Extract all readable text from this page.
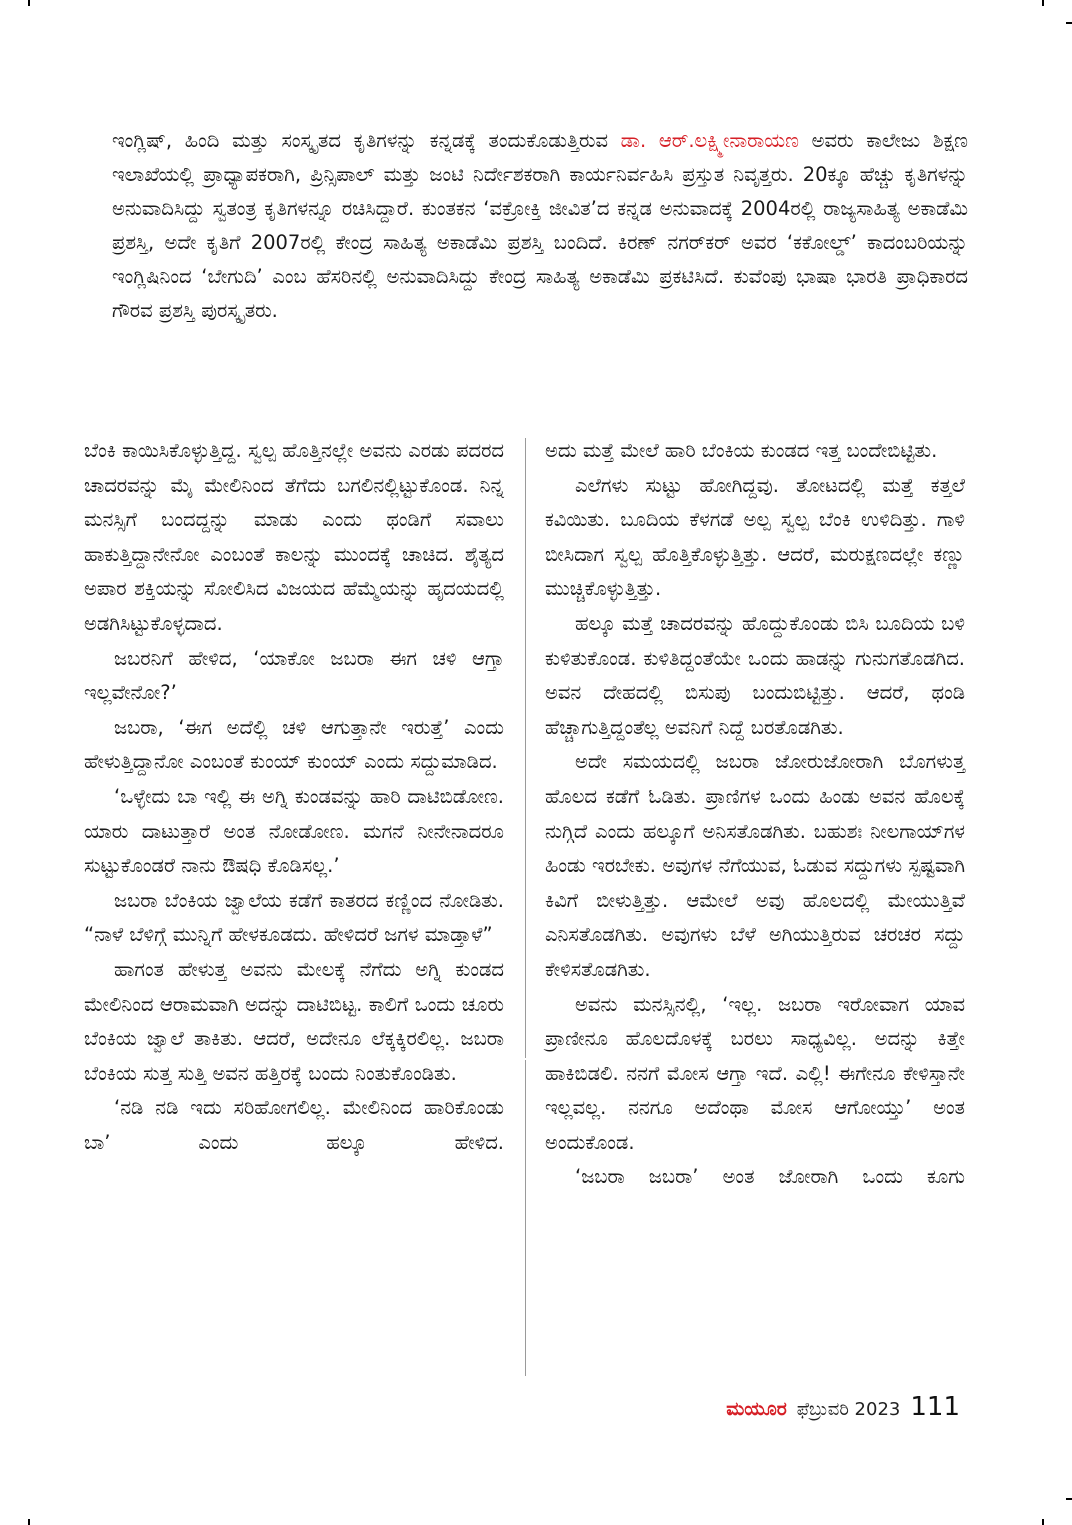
ಇಂಗ್ಲಿಷ್, ಹಿಂದಿ ಮತ್ತು ಸಂಸ್ಕೃತದ ಕೃತಿಗಳನ್ನು ಕನ್ನಡಕ್ಕೆ ತಂದುಕೊಡುತ್ತಿರುವ ಡಾ. ಆರ್.ಲಕ್ಷ್ಮೀನಾರಾಯಣ ಅವರು ಕಾಲೇಜು ಶಿಕ್ಷಣ ಇಲಾಖೆಯಲ್ಲಿ ಪ್ರಾಧ್ಯಾಪಕರಾಗಿ, ಪ್ರಿನ್ಸಿಪಾಲ್ ಮತ್ತು ಜಂಟಿ ನಿರ್ದೇಶಕರಾಗಿ ಕಾರ್ಯನಿರ್ವಹಿಸಿ ಪ್ರಸ್ತುತ ನಿವೃತ್ತರು. 20ಕ್ಕೂ ಹೆಚ್ಚು ಕೃತಿಗಳನ್ನು ಅನುವಾದಿಸಿದ್ದು ಸ್ವತಂತ್ರ ಕೃತಿಗಳನ್ನೂ ರಚಿಸಿದ್ದಾರೆ. ಕುಂತಕನ ‘ವಕ್ರೋಕ್ತಿ ಜೀವಿತ’ದ ಕನ್ನಡ ಅನುವಾದಕ್ಕೆ 2004ರಲ್ಲಿ ರಾಜ್ಯಸಾಹಿತ್ಯ ಅಕಾಡೆಮಿ ಪ್ರಶಸ್ತಿ, ಅದೇ ಕೃತಿಗೆ 2007ರಲ್ಲಿ ಕೇಂದ್ರ ಸಾಹಿತ್ಯ ಅಕಾಡೆಮಿ ಪ್ರಶಸ್ತಿ ಬಂದಿದೆ. ಕಿರಣ್ ನಗರ್‌ಕರ್ ಅವರ ‘ಕಕೋಲ್ಡ್’ ಕಾದಂಬರಿಯನ್ನು ಇಂಗ್ಲಿಷಿನಿಂದ ‘ಬೇಗುದಿ’ ಎಂಬ ಹೆಸರಿನಲ್ಲಿ ಅನುವಾದಿಸಿದ್ದು ಕೇಂದ್ರ ಸಾಹಿತ್ಯ ಅಕಾಡೆಮಿ ಪ್ರಕಟಿಸಿದೆ. ಕುವೆಂಪು ಭಾಷಾ ಭಾರತಿ ಪ್ರಾಧಿಕಾರದ ಗೌರವ ಪ್ರಶಸ್ತಿ ಪುರಸ್ಕೃತರು.

ಬೆಂಕಿ ಕಾಯಿಸಿಕೊಳ್ಳುತ್ತಿದ್ದ. ಸ್ವಲ್ಪ ಹೊತ್ತಿನಲ್ಲೇ ಅವನು ಎರಡು ಪದರದ ಚಾದರವನ್ನು ಮೈ ಮೇಲಿನಿಂದ ತೆಗೆದು ಬಗಲಿನಲ್ಲಿಟ್ಟುಕೊಂಡ. ನಿನ್ನ ಮನಸ್ಸಿಗೆ ಬಂದದ್ದನ್ನು ಮಾಡು ಎಂದು ಥಂಡಿಗೆ ಸವಾಲು ಹಾಕುತ್ತಿದ್ದಾನೇನೋ ಎಂಬಂತೆ ಕಾಲನ್ನು ಮುಂದಕ್ಕೆ ಚಾಚಿದ. ಶೈತ್ಯದ ಅಪಾರ ಶಕ್ತಿಯನ್ನು ಸೋಲಿಸಿದ ವಿಜಯದ ಹೆಮ್ಮೆಯನ್ನು ಹೃದಯದಲ್ಲಿ ಅಡಗಿಸಿಟ್ಟುಕೊಳ್ಳದಾದ.

ಜಬರನಿಗೆ ಹೇಳಿದ, ‘ಯಾಕೋ ಜಬರಾ ಈಗ ಚಳಿ ಆಗ್ತಾ ಇಲ್ಲವೇನೋ?’

ಜಬರಾ, ‘ಈಗ ಅದೆಲ್ಲಿ ಚಳಿ ಆಗುತ್ತಾನೇ ಇರುತ್ತೆ’ ಎಂದು ಹೇಳುತ್ತಿದ್ದಾನೋ ಎಂಬಂತೆ ಕುಂಯ್ ಕುಂಯ್ ಎಂದು ಸದ್ದುಮಾಡಿದ.

‘ಒಳ್ಳೇದು ಬಾ ಇಲ್ಲಿ ಈ ಅಗ್ನಿ ಕುಂಡವನ್ನು ಹಾರಿ ದಾಟಿಬಿಡೋಣ. ಯಾರು ದಾಟುತ್ತಾರೆ ಅಂತ ನೋಡೋಣ. ಮಗನೆ ನೀನೇನಾದರೂ ಸುಟ್ಟುಕೊಂಡರೆ ನಾನು ಔಷಧಿ ಕೊಡಿಸಲ್ಲ.’

ಜಬರಾ ಬೆಂಕಿಯ ಜ್ವಾಲೆಯ ಕಡೆಗೆ ಕಾತರದ ಕಣ್ಣಿಂದ ನೋಡಿತು. “ನಾಳೆ ಬೆಳಿಗ್ಗೆ ಮುನ್ನಿಗೆ ಹೇಳಕೂಡದು. ಹೇಳಿದರೆ ಜಗಳ ಮಾಡ್ತಾಳೆ”

ಹಾಗಂತ ಹೇಳುತ್ತ ಅವನು ಮೇಲಕ್ಕೆ ನೆಗೆದು ಅಗ್ನಿ ಕುಂಡದ ಮೇಲಿನಿಂದ ಆರಾಮವಾಗಿ ಅದನ್ನು ದಾಟಿಬಿಟ್ಟ. ಕಾಲಿಗೆ ಒಂದು ಚೂರು ಬೆಂಕಿಯ ಜ್ವಾಲೆ ತಾಕಿತು. ಆದರೆ, ಅದೇನೂ ಲೆಕ್ಕಕ್ಕಿರಲಿಲ್ಲ. ಜಬರಾ ಬೆಂಕಿಯ ಸುತ್ತ ಸುತ್ತಿ ಅವನ ಹತ್ತಿರಕ್ಕೆ ಬಂದು ನಿಂತುಕೊಂಡಿತು.

‘ನಡಿ ನಡಿ ಇದು ಸರಿಹೋಗಲಿಲ್ಲ. ಮೇಲಿನಿಂದ ಹಾರಿಕೊಂಡು ಬಾ’ ಎಂದು ಹಲ್ಕೂ ಹೇಳಿದ.

ಅದು ಮತ್ತೆ ಮೇಲೆ ಹಾರಿ ಬೆಂಕಿಯ ಕುಂಡದ ಇತ್ತ ಬಂದೇಬಿಟ್ಟಿತು.

ಎಲೆಗಳು ಸುಟ್ಟು ಹೋಗಿದ್ದವು. ತೋಟದಲ್ಲಿ ಮತ್ತೆ ಕತ್ತಲೆ ಕವಿಯಿತು. ಬೂದಿಯ ಕೆಳಗಡೆ ಅಲ್ಪ ಸ್ವಲ್ಪ ಬೆಂಕಿ ಉಳಿದಿತ್ತು. ಗಾಳಿ ಬೀಸಿದಾಗ ಸ್ವಲ್ಪ ಹೊತ್ತಿಕೊಳ್ಳುತ್ತಿತ್ತು. ಆದರೆ, ಮರುಕ್ಷಣದಲ್ಲೇ ಕಣ್ಣು ಮುಚ್ಚಿಕೊಳ್ಳುತ್ತಿತ್ತು.

ಹಲ್ಕೂ ಮತ್ತೆ ಚಾದರವನ್ನು ಹೊದ್ದುಕೊಂಡು ಬಿಸಿ ಬೂದಿಯ ಬಳಿ ಕುಳಿತುಕೊಂಡ. ಕುಳಿತಿದ್ದಂತೆಯೇ ಒಂದು ಹಾಡನ್ನು ಗುನುಗತೊಡಗಿದ. ಅವನ ದೇಹದಲ್ಲಿ ಬಿಸುಪು ಬಂದುಬಿಟ್ಟಿತ್ತು. ಆದರೆ, ಥಂಡಿ ಹೆಚ್ಚಾಗುತ್ತಿದ್ದಂತೆಲ್ಲ ಅವನಿಗೆ ನಿದ್ದೆ ಬರತೊಡಗಿತು.

ಅದೇ ಸಮಯದಲ್ಲಿ ಜಬರಾ ಜೋರುಜೋರಾಗಿ ಬೊಗಳುತ್ತ ಹೊಲದ ಕಡೆಗೆ ಓಡಿತು. ಪ್ರಾಣಿಗಳ ಒಂದು ಹಿಂಡು ಅವನ ಹೊಲಕ್ಕೆ ನುಗ್ಗಿದೆ ಎಂದು ಹಲ್ಕೂಗೆ ಅನಿಸತೊಡಗಿತು. ಬಹುಶಃ ನೀಲಗಾಯ್‌ಗಳ ಹಿಂಡು ಇರಬೇಕು. ಅವುಗಳ ನೆಗೆಯುವ, ಓಡುವ ಸದ್ದುಗಳು ಸ್ಪಷ್ಟವಾಗಿ ಕಿವಿಗೆ ಬೀಳುತ್ತಿತ್ತು. ಆಮೇಲೆ ಅವು ಹೊಲದಲ್ಲಿ ಮೇಯುತ್ತಿವೆ ಎನಿಸತೊಡಗಿತು. ಅವುಗಳು ಬೆಳೆ ಅಗಿಯುತ್ತಿರುವ ಚರಚರ ಸದ್ದು ಕೇಳಿಸತೊಡಗಿತು.

ಅವನು ಮನಸ್ಸಿನಲ್ಲಿ, ‘ಇಲ್ಲ. ಜಬರಾ ಇರೋವಾಗ ಯಾವ ಪ್ರಾಣೀನೂ ಹೊಲದೊಳಕ್ಕೆ ಬರಲು ಸಾಧ್ಯವಿಲ್ಲ. ಅದನ್ನು ಕಿತ್ತೇ ಹಾಕಿಬಿಡಲಿ. ನನಗೆ ಮೋಸ ಆಗ್ತಾ ಇದೆ. ಎಲ್ಲಿ! ಈಗೇನೂ ಕೇಳಿಸ್ತಾನೇ ಇಲ್ಲವಲ್ಲ. ನನಗೂ ಅದೆಂಥಾ ಮೋಸ ಆಗೋಯ್ತು’ ಅಂತ ಅಂದುಕೊಂಡ.

‘ಜಬರಾ ಜಬರಾ’ ಅಂತ ಜೋರಾಗಿ ಒಂದು ಕೂಗು

ಮಯೂರ ಫೆಬ್ರುವರಿ 2023 111
